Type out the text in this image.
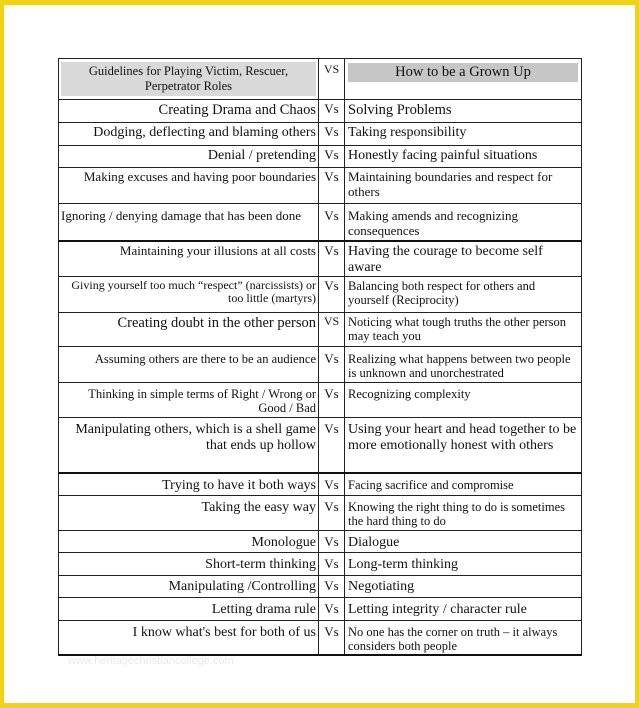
Guidelines for Playing Victim, Rescuer, Perpetrator Roles	VS	How to be a Grown Up

Creating Drama and Chaos	Vs	Solving Problems
Dodging, deflecting and blaming others	Vs	Taking responsibility
Denial / pretending	Vs	Honestly facing painful situations
Making excuses and having poor boundaries	Vs	Maintaining boundaries and respect for others
Ignoring / denying damage that has been done	Vs	Making amends and recognizing consequences
Maintaining your illusions at all costs	Vs	Having the courage to become self aware
Giving yourself too much “respect” (narcissists) or too little (martyrs)	Vs	Balancing both respect for others and yourself (Reciprocity)
Creating doubt in the other person	VS	Noticing what tough truths the other person may teach you
Assuming others are there to be an audience	Vs	Realizing what happens between two people is unknown and unorchestrated
Thinking in simple terms of Right / Wrong or Good / Bad	Vs	Recognizing complexity
Manipulating others, which is a shell game that ends up hollow	Vs	Using your heart and head together to be more emotionally honest with others
Trying to have it both ways	Vs	Facing sacrifice and compromise
Taking the easy way	Vs	Knowing the right thing to do is sometimes the hard thing to do
Monologue	Vs	Dialogue
Short-term thinking	Vs	Long-term thinking
Manipulating /Controlling	Vs	Negotiating
Letting drama rule	Vs	Letting integrity / character rule
I know what's best for both of us	Vs	No one has the corner on truth – it always considers both people
www.heritagechristiancollege.com
